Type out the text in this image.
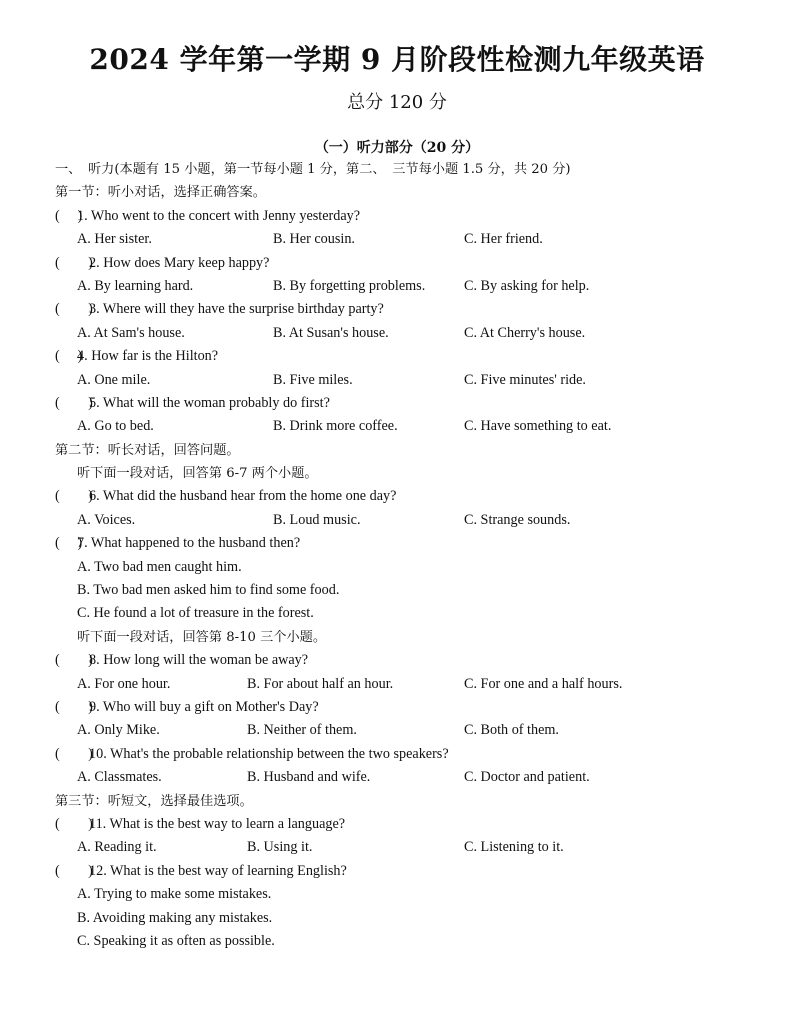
2024 学年第一学期 9 月阶段性检测九年级英语
总分 120 分
（一）听力部分（20 分）
一、　听力(本题有 15 小题，第一节每小题 1 分，第二、　三节每小题 1.5 分，共 20 分)
第一节：听小对话，选择正确答案。
(　 )
1. Who went to the concert with Jenny yesterday?
A. Her sister.	B. Her cousin.	C. Her friend.
(　　)
2. How does Mary keep happy?
A. By learning hard.	B. By forgetting problems.	C. By asking for help.
(　　)
3. Where will they have the surprise birthday party?
A. At Sam's house.	B. At Susan's house.	C. At Cherry's house.
(　 )
4. How far is the Hilton?
A. One mile.	B. Five miles.	C. Five minutes' ride.
(　　)
5. What will the woman probably do first?
A. Go to bed.	B. Drink more coffee.	C. Have something to eat.
第二节：听长对话，回答问题。
听下面一段对话，回答第 6-7 两个小题。
(　　)
6. What did the husband hear from the home one day?
A. Voices.	B. Loud music.	C. Strange sounds.
(　 )
7. What happened to the husband then?
A. Two bad men caught him.
B. Two bad men asked him to find some food.
C. He found a lot of treasure in the forest.
听下面一段对话，回答第 8-10 三个小题。
(　　)
8. How long will the woman be away?
A. For one hour.	B. For about half an hour.	C. For one and a half hours.
(　　)
9. Who will buy a gift on Mother's Day?
A. Only Mike.	B. Neither of them.	C. Both of them.
(　　)
10. What's the probable relationship between the two speakers?
A. Classmates.	B. Husband and wife.	C. Doctor and patient.
第三节：听短文，选择最佳选项。
(　　)
11. What is the best way to learn a language?
A. Reading it.	B. Using it.	C. Listening to it.
(　　)
12. What is the best way of learning English?
A. Trying to make some mistakes.
B. Avoiding making any mistakes.
C. Speaking it as often as possible.
